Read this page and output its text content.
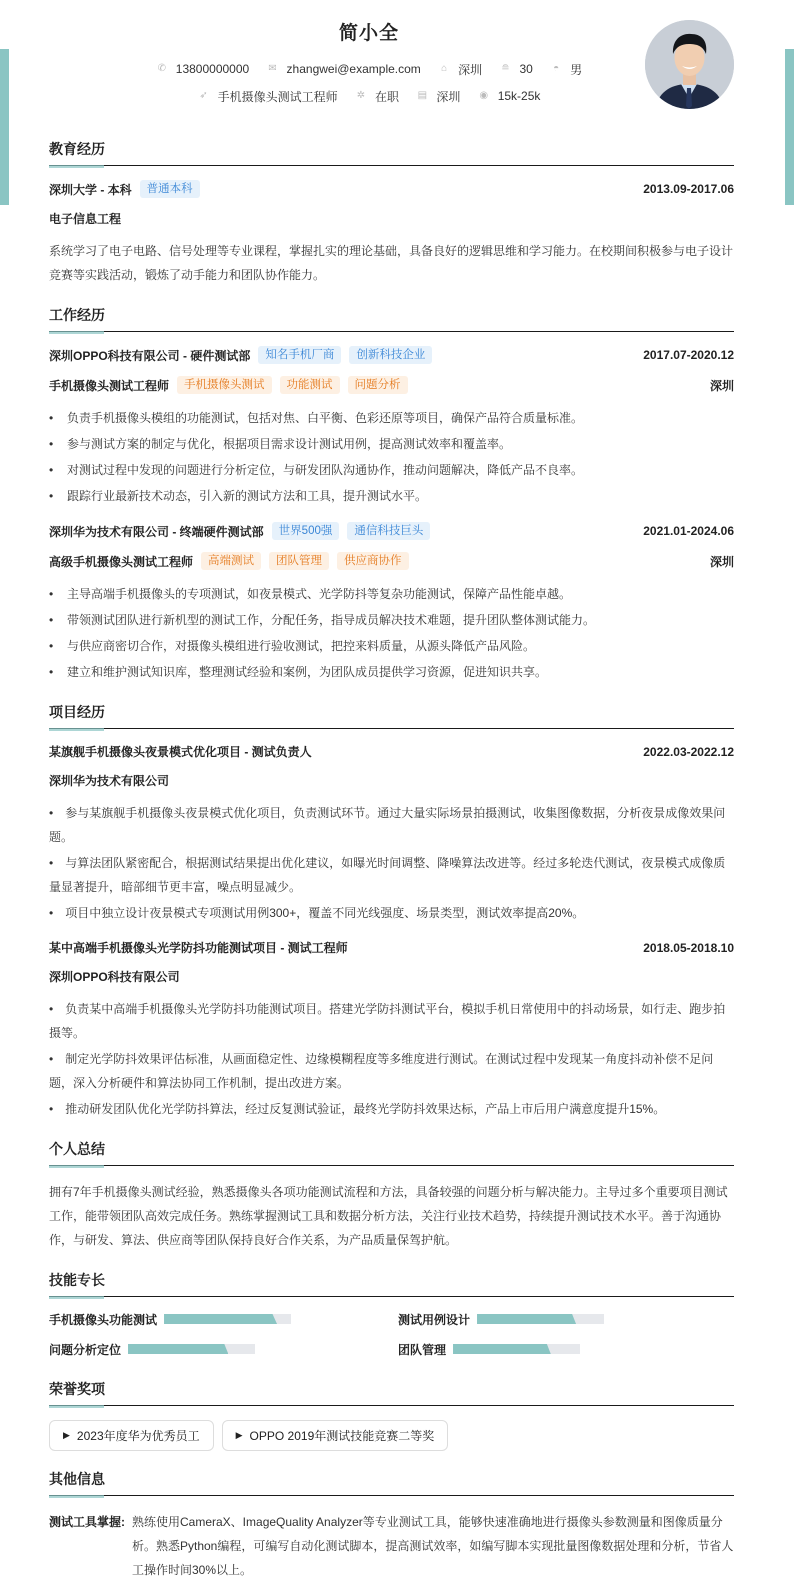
简小全
✆ 13800000000
✉ zhangwei@example.com
⌂ 深圳
≘ 30
◓ 男
➶ 手机摄像头测试工程师
✲ 在职
▤ 深圳
◉ 15k-25k
教育经历
深圳大学 - 本科	普通本科	2013.09-2017.06
电子信息工程
系统学习了电子电路、信号处理等专业课程，掌握扎实的理论基础，具备良好的逻辑思维和学习能力。在校期间积极参与电子设计竞赛等实践活动，锻炼了动手能力和团队协作能力。
工作经历
深圳OPPO科技有限公司 - 硬件测试部	知名手机厂商	创新科技企业	2017.07-2020.12
手机摄像头测试工程师	手机摄像头测试	功能测试	问题分析	深圳
• 负责手机摄像头模组的功能测试，包括对焦、白平衡、色彩还原等项目，确保产品符合质量标准。
• 参与测试方案的制定与优化，根据项目需求设计测试用例，提高测试效率和覆盖率。
• 对测试过程中发现的问题进行分析定位，与研发团队沟通协作，推动问题解决，降低产品不良率。
• 跟踪行业最新技术动态，引入新的测试方法和工具，提升测试水平。
深圳华为技术有限公司 - 终端硬件测试部	世界500强	通信科技巨头	2021.01-2024.06
高级手机摄像头测试工程师	高端测试	团队管理	供应商协作	深圳
• 主导高端手机摄像头的专项测试，如夜景模式、光学防抖等复杂功能测试，保障产品性能卓越。
• 带领测试团队进行新机型的测试工作，分配任务，指导成员解决技术难题，提升团队整体测试能力。
• 与供应商密切合作，对摄像头模组进行验收测试，把控来料质量，从源头降低产品风险。
• 建立和维护测试知识库，整理测试经验和案例，为团队成员提供学习资源，促进知识共享。
项目经历
某旗舰手机摄像头夜景模式优化项目 - 测试负责人	2022.03-2022.12
深圳华为技术有限公司
• 参与某旗舰手机摄像头夜景模式优化项目，负责测试环节。通过大量实际场景拍摄测试，收集图像数据，分析夜景成像效果问题。
• 与算法团队紧密配合，根据测试结果提出优化建议，如曝光时间调整、降噪算法改进等。经过多轮迭代测试，夜景模式成像质量显著提升，暗部细节更丰富，噪点明显减少。
• 项目中独立设计夜景模式专项测试用例300+，覆盖不同光线强度、场景类型，测试效率提高20%。
某中高端手机摄像头光学防抖功能测试项目 - 测试工程师	2018.05-2018.10
深圳OPPO科技有限公司
• 负责某中高端手机摄像头光学防抖功能测试项目。搭建光学防抖测试平台，模拟手机日常使用中的抖动场景，如行走、跑步拍摄等。
• 制定光学防抖效果评估标准，从画面稳定性、边缘模糊程度等多维度进行测试。在测试过程中发现某一角度抖动补偿不足问题，深入分析硬件和算法协同工作机制，提出改进方案。
• 推动研发团队优化光学防抖算法，经过反复测试验证，最终光学防抖效果达标，产品上市后用户满意度提升15%。
个人总结
拥有7年手机摄像头测试经验，熟悉摄像头各项功能测试流程和方法，具备较强的问题分析与解决能力。主导过多个重要项目测试工作，能带领团队高效完成任务。熟练掌握测试工具和数据分析方法，关注行业技术趋势，持续提升测试技术水平。善于沟通协作，与研发、算法、供应商等团队保持良好合作关系，为产品质量保驾护航。
技能专长
手机摄像头功能测试	测试用例设计
问题分析定位	团队管理
荣誉奖项
▶ 2023年度华为优秀员工	▶ OPPO 2019年测试技能竞赛二等奖
其他信息
测试工具掌握: 熟练使用CameraX、ImageQuality Analyzer等专业测试工具，能够快速准确地进行摄像头参数测量和图像质量分析。熟悉Python编程，可编写自动化测试脚本，提高测试效率，如编写脚本实现批量图像数据处理和分析，节省人工操作时间30%以上。
